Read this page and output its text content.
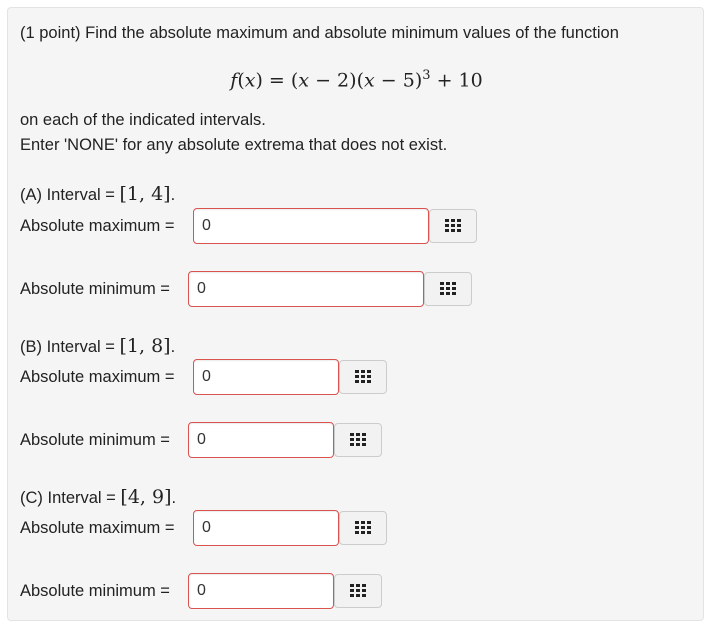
(1 point) Find the absolute maximum and absolute minimum values of the function
$f(x) = (x - 2)(x - 5)^3 + 10$
on each of the indicated intervals.
Enter 'NONE' for any absolute extrema that does not exist.
(A) Interval = [1, 4].
Absolute maximum =
0
Absolute minimum =
0
(B) Interval = [1, 8].
Absolute maximum =
0
Absolute minimum =
0
(C) Interval = [4, 9].
Absolute maximum =
0
Absolute minimum =
0
